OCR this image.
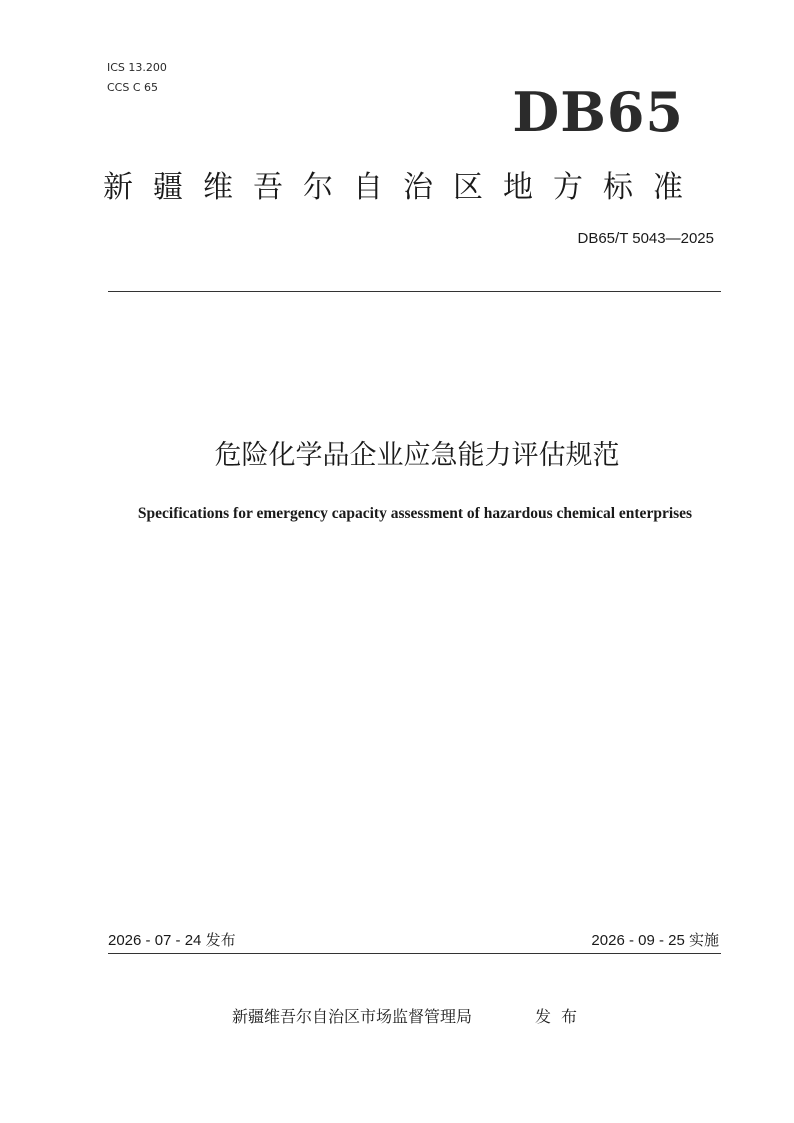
ICS 13.200
CCS C 65	DB65
新疆维吾尔自治区地方标准
DB65/T 5043—2025
危险化学品企业应急能力评估规范
Specifications for emergency capacity assessment of hazardous chemical enterprises
2026 - 07 - 24 发布	2026 - 09 - 25 实施
新疆维吾尔自治区市场监督管理局	发布
